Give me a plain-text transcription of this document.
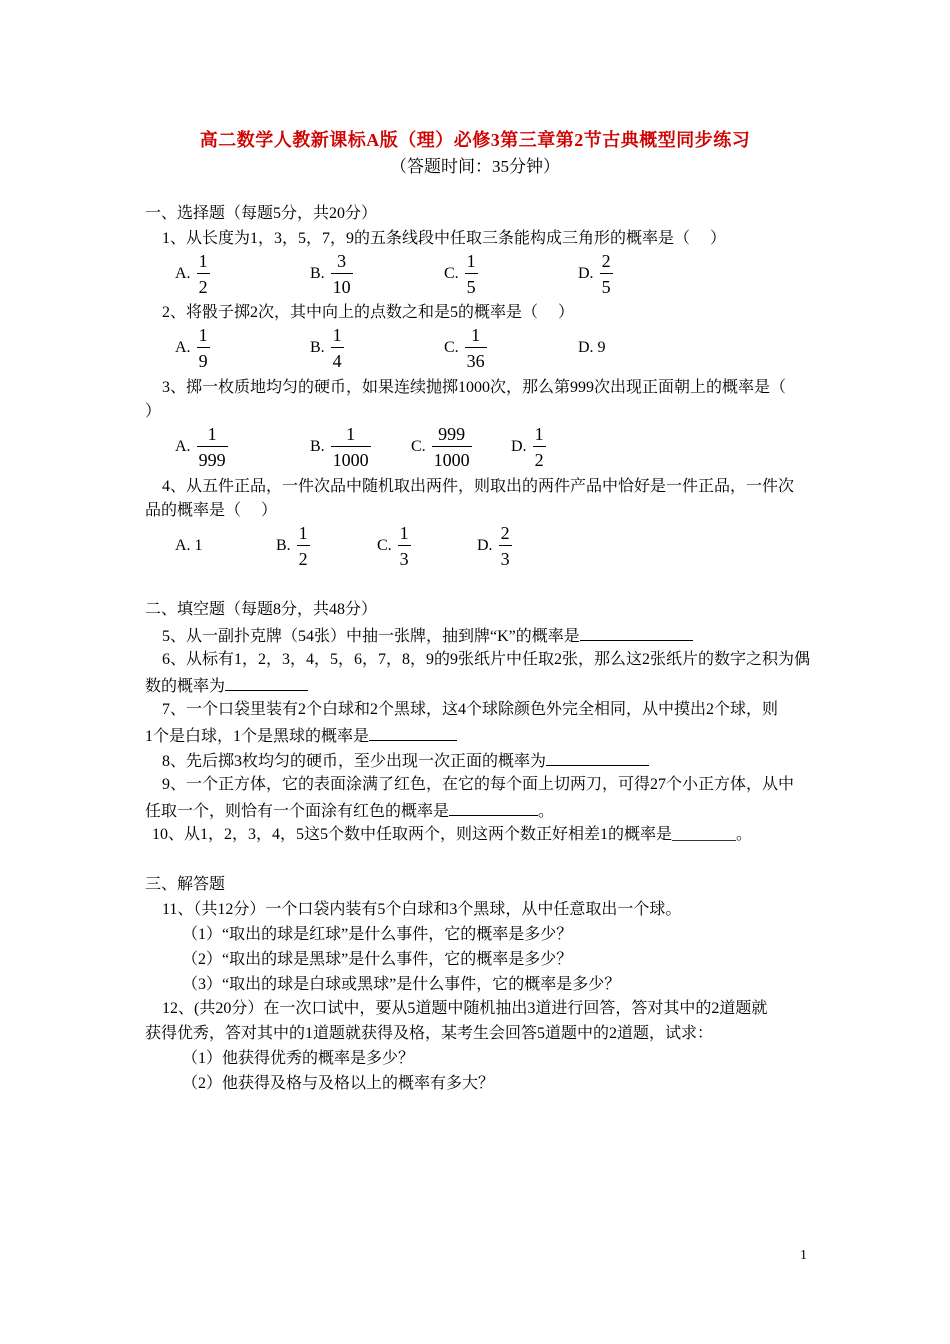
高二数学人教新课标A版（理）必修3第三章第2节古典概型同步练习
（答题时间：35分钟）
一、选择题（每题5分，共20分）
1、从长度为1，3，5，7，9的五条线段中任取三条能构成三角形的概率是（　 ）
A. $\frac{1}{2}$	B. $\frac{3}{10}$	C. $\frac{1}{5}$	D. $\frac{2}{5}$
2、将骰子掷2次，其中向上的点数之和是5的概率是（　 ）
A. $\frac{1}{9}$	B. $\frac{1}{4}$	C. $\frac{1}{36}$	D. 9
3、掷一枚质地均匀的硬币，如果连续抛掷1000次，那么第999次出现正面朝上的概率是（
）
A. $\frac{1}{999}$	B. $\frac{1}{1000}$	C. $\frac{999}{1000} D$. $\frac{1}{2}$
4、从五件正品，一件次品中随机取出两件，则取出的两件产品中恰好是一件正品，一件次
品的概率是（　 ）
A. 1	B. $\frac{1}{2}$	C. $\frac{1}{3}$	D. $\frac{2}{3}$
二、填空题（每题8分，共48分）
5、从一副扑克牌（54张）中抽一张牌，抽到牌“K”的概率是
6、从标有1，2，3，4，5，6，7，8，9的9张纸片中任取2张，那么这2张纸片的数字之积为偶
数的概率为
7、一个口袋里装有2个白球和2个黑球，这4个球除颜色外完全相同，从中摸出2个球，则
1个是白球，1个是黑球的概率是
8、先后掷3枚均匀的硬币，至少出现一次正面的概率为
9、一个正方体，它的表面涂满了红色，在它的每个面上切两刀，可得27个小正方体，从中
任取一个，则恰有一个面涂有红色的概率是	。
10、从1，2，3，4，5这5个数中任取两个，则这两个数正好相差1的概率是________。
三、解答题
11、（共12分）一个口袋内装有5个白球和3个黑球，从中任意取出一个球。
（1）“取出的球是红球”是什么事件，它的概率是多少？
（2）“取出的球是黑球”是什么事件，它的概率是多少？
（3）“取出的球是白球或黑球”是什么事件，它的概率是多少？
12、(共20分）在一次口试中，要从5道题中随机抽出3道进行回答，答对其中的2道题就
获得优秀，答对其中的1道题就获得及格，某考生会回答5道题中的2道题，试求：
（1）他获得优秀的概率是多少？
（2）他获得及格与及格以上的概率有多大？
1
